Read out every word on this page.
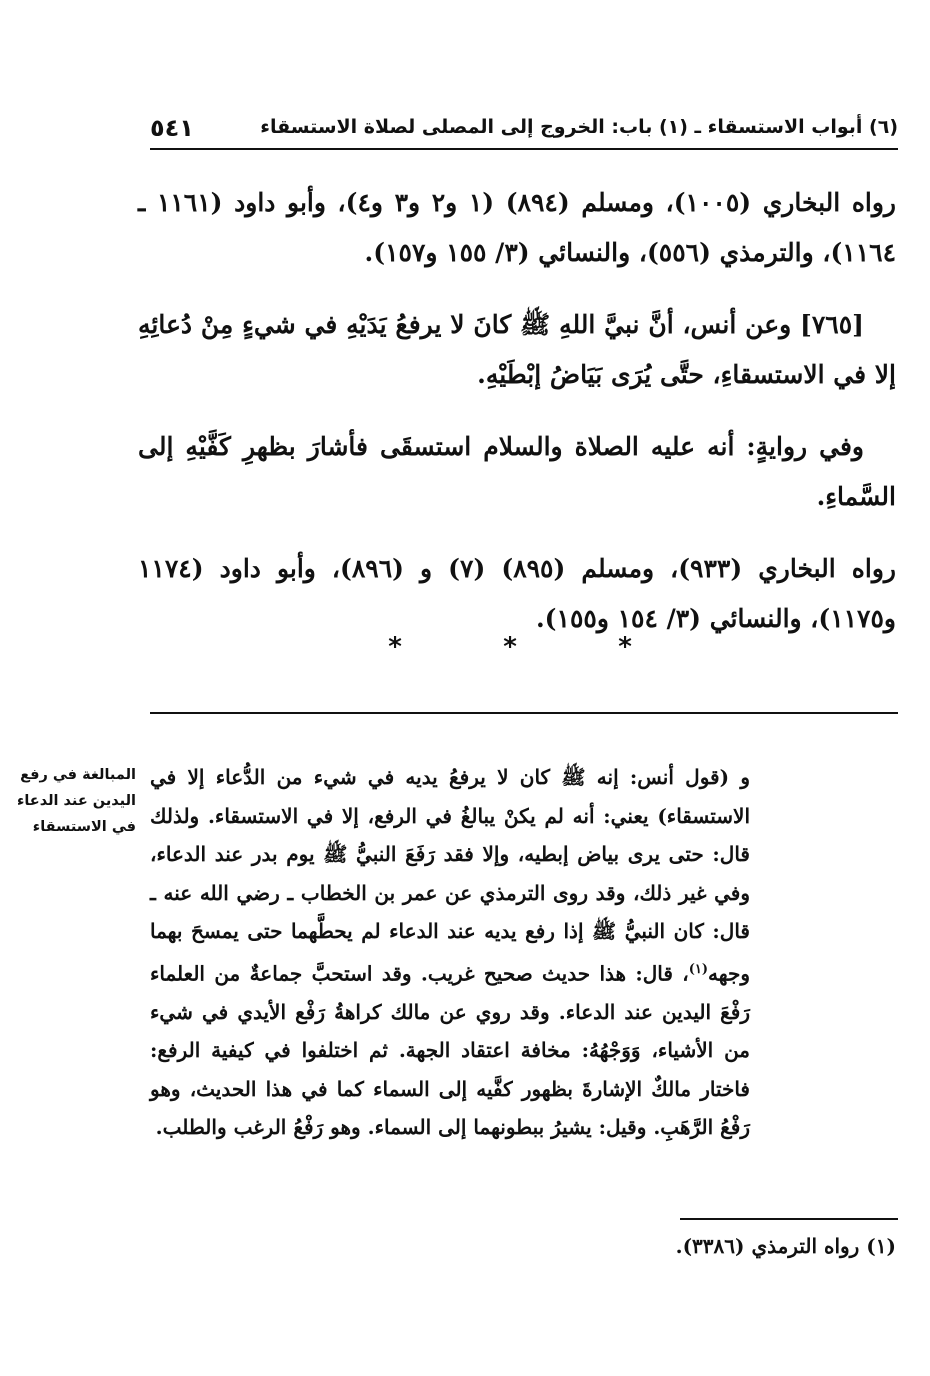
(٦) أبواب الاستسقاء ـ (١) باب: الخروج إلى المصلى لصلاة الاستسقاء
٥٤١

رواه البخاري (١٠٠٥)، ومسلم (٨٩٤) (١ و٢ و٣ و٤)، وأبو داود (١١٦١ ـ ١١٦٤)، والترمذي (٥٥٦)، والنسائي (٣/ ١٥٥ و١٥٧).

[٧٦٥] وعن أنس، أنَّ نبيَّ اللهِ ﷺ كانَ لا يرفعُ يَدَيْهِ في شيءٍ مِنْ دُعائِهِ إلا في الاستسقاءِ، حتَّى يُرَى بَيَاضُ إبْطَيْهِ.

وفي روايةٍ: أنه عليه الصلاة والسلام استسقَى فأشارَ بظهرِ كَفَّيْهِ إلى السَّماءِ.

رواه البخاري (٩٣٣)، ومسلم (٨٩٥) (٧) و (٨٩٦)، وأبو داود (١١٧٤ و١١٧٥)، والنسائي (٣/ ١٥٤ و١٥٥).

*	*	*
المبالغة في رفع اليدين عند الدعاء في الاستسقاء

و (قول أنس: إنه ﷺ كان لا يرفعُ يديه في شيء من الدُّعاء إلا في الاستسقاء) يعني: أنه لم يكنْ يبالغُ في الرفع، إلا في الاستسقاء. ولذلك قال: حتى يرى بياض إبطيه، وإلا فقد رَفَعَ النبيُّ ﷺ يوم بدر عند الدعاء، وفي غير ذلك، وقد روى الترمذي عن عمر بن الخطاب ـ رضي الله عنه ـ قال: كان النبيُّ ﷺ إذا رفع يديه عند الدعاء لم يحطَّهما حتى يمسحَ بهما وجهه$^{(١)}$، قال: هذا حديث صحيح غريب. وقد استحبَّ جماعةٌ من العلماء رَفْعَ اليدين عند الدعاء. وقد روي عن مالك كراهةُ رَفْع الأيدي في شيء من الأشياء، وَوَجْهُهُ: مخافة اعتقاد الجهة. ثم اختلفوا في كيفية الرفع: فاختار مالكٌ الإشارةَ بظهور كفَّيه إلى السماء كما في هذا الحديث، وهو رَفْعُ الرَّهَبِ. وقيل: يشيرُ ببطونهما إلى السماء. وهو رَفْعُ الرغب والطلب.

(١) رواه الترمذي (٣٣٨٦).
